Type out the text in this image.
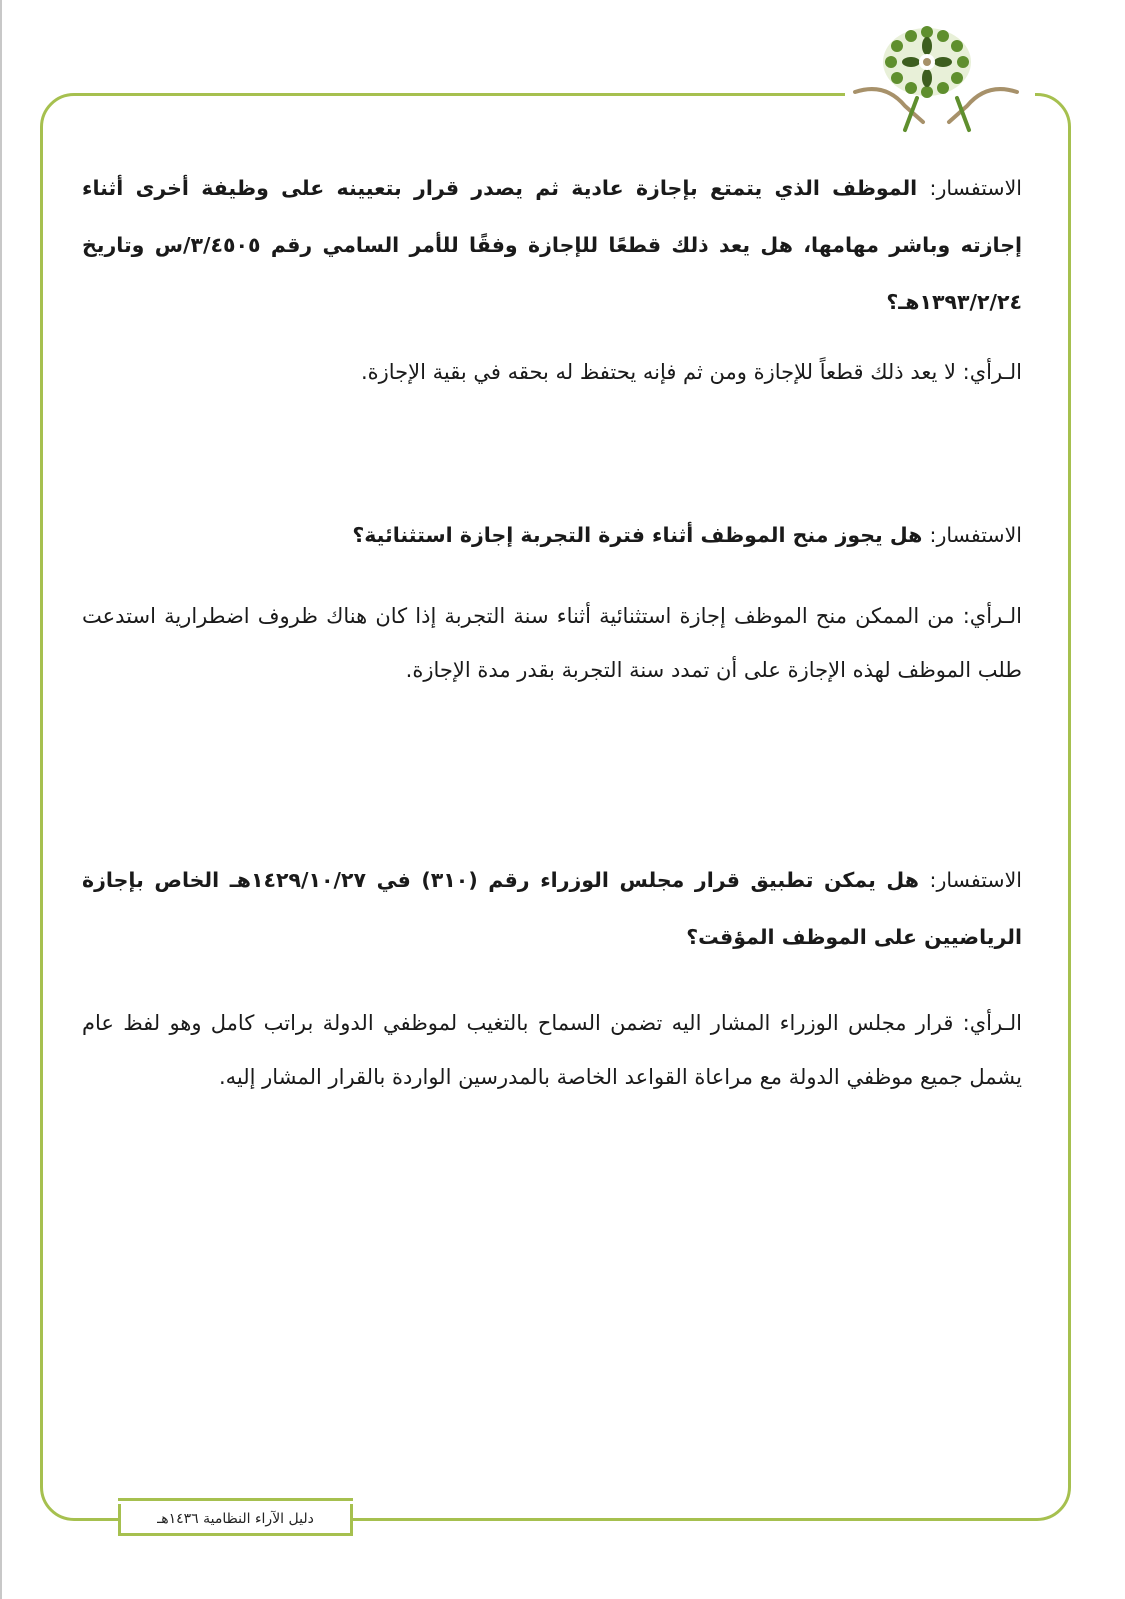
الاستفسار: الموظف الذي يتمتع بإجازة عادية ثم يصدر قرار بتعيينه على وظيفة أخرى أثناء إجازته وباشر مهامها، هل يعد ذلك قطعًا للإجازة وفقًا للأمر السامي رقم ٣/٤٥٠٥/س وتاريخ ١٣٩٣/٢/٢٤هـ؟

الـرأي: لا يعد ذلك قطعاً للإجازة ومن ثم فإنه يحتفظ له بحقه في بقية الإجازة.

الاستفسار: هل يجوز منح الموظف أثناء فترة التجربة إجازة استثنائية؟

الـرأي: من الممكن منح الموظف إجازة استثنائية أثناء سنة التجربة إذا كان هناك ظروف اضطرارية استدعت طلب الموظف لهذه الإجازة على أن تمدد سنة التجربة بقدر مدة الإجازة.

الاستفسار: هل يمكن تطبيق قرار مجلس الوزراء رقم (٣١٠) في ١٤٢٩/١٠/٢٧هـ الخاص بإجازة الرياضيين على الموظف المؤقت؟

الـرأي: قرار مجلس الوزراء المشار اليه تضمن السماح بالتغيب لموظفي الدولة براتب كامل وهو لفظ عام يشمل جميع موظفي الدولة مع مراعاة القواعد الخاصة بالمدرسين الواردة بالقرار المشار إليه.

دليل الآراء النظامية ١٤٣٦هـ
